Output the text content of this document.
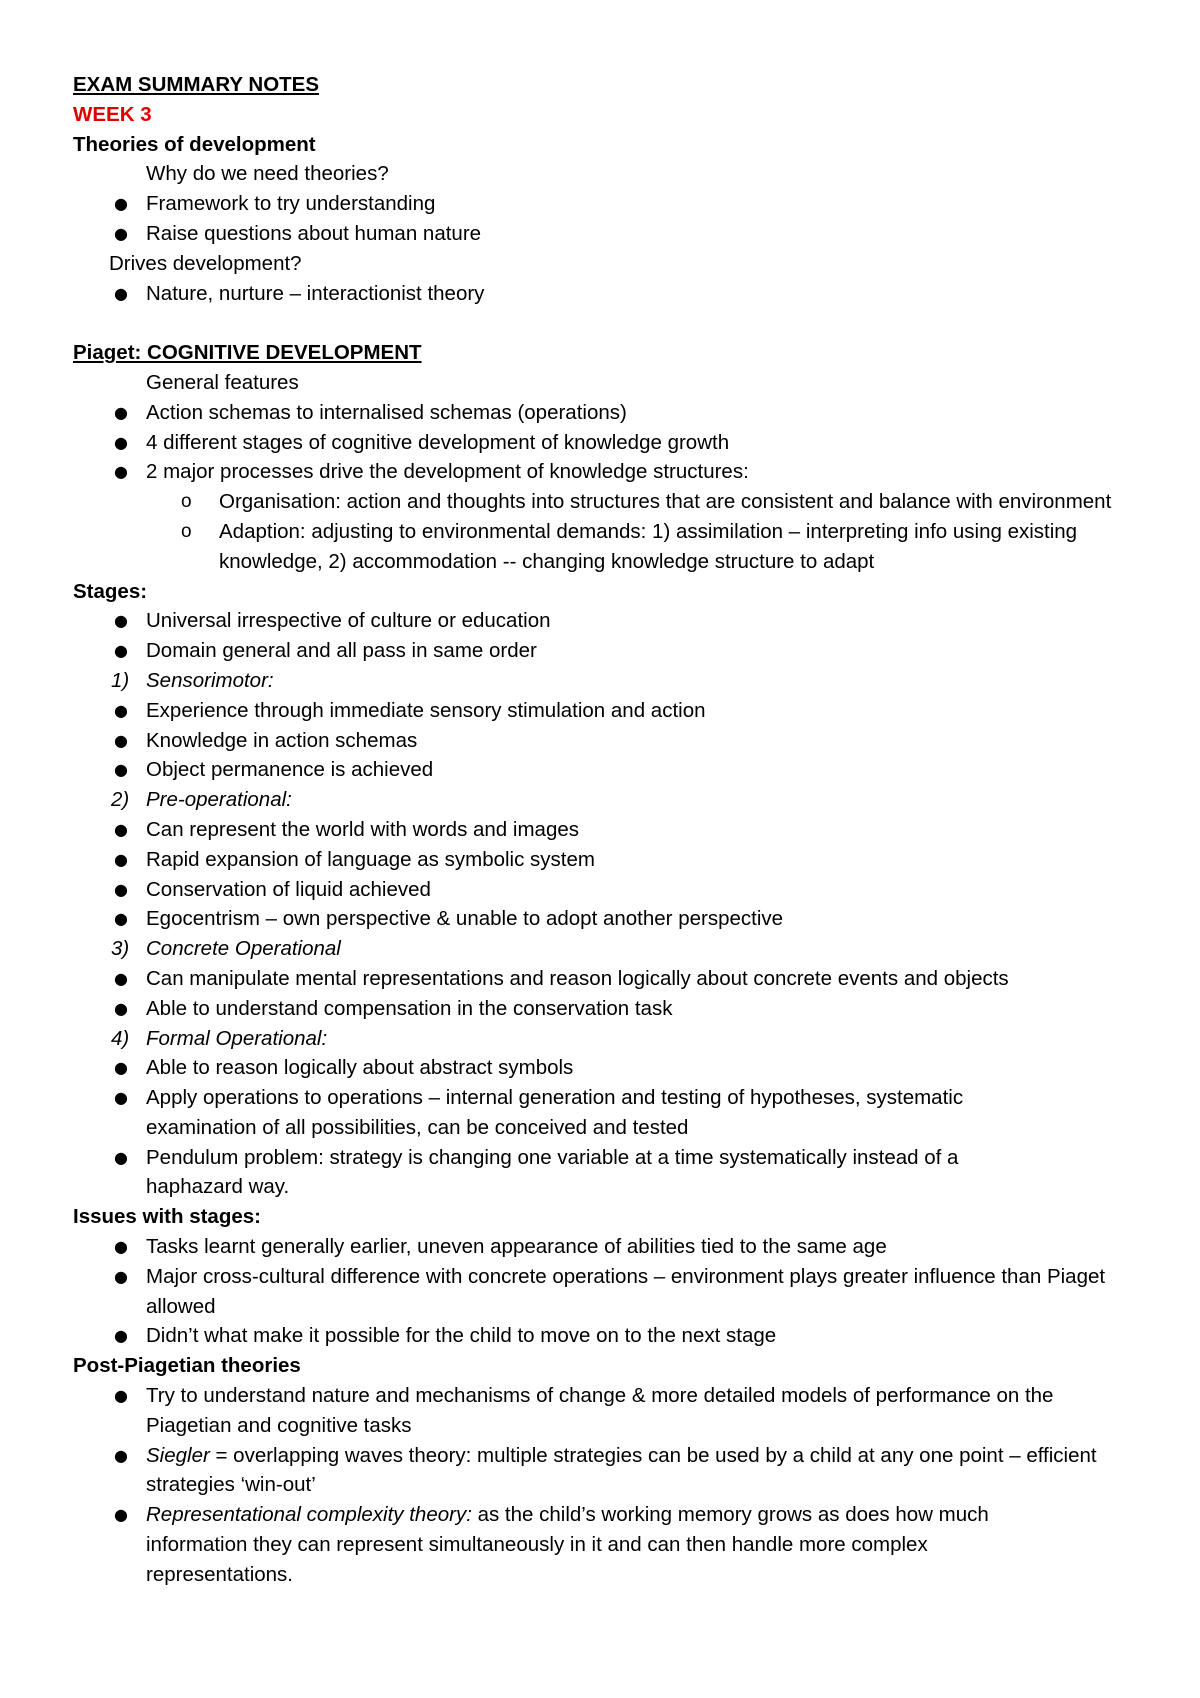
EXAM SUMMARY NOTES
WEEK 3
Theories of development
Why do we need theories?
● Framework to try understanding
● Raise questions about human nature
Drives development?
● Nature, nurture – interactionist theory
Piaget: COGNITIVE DEVELOPMENT
General features
● Action schemas to internalised schemas (operations)
● 4 different stages of cognitive development of knowledge growth
● 2 major processes drive the development of knowledge structures:
o Organisation: action and thoughts into structures that are consistent and balance with environment
o Adaption: adjusting to environmental demands: 1) assimilation – interpreting info using existing knowledge, 2) accommodation -- changing knowledge structure to adapt
Stages:
● Universal irrespective of culture or education
● Domain general and all pass in same order
1) Sensorimotor:
● Experience through immediate sensory stimulation and action
● Knowledge in action schemas
● Object permanence is achieved
2) Pre-operational:
● Can represent the world with words and images
● Rapid expansion of language as symbolic system
● Conservation of liquid achieved
● Egocentrism – own perspective & unable to adopt another perspective
3) Concrete Operational
● Can manipulate mental representations and reason logically about concrete events and objects
● Able to understand compensation in the conservation task
4) Formal Operational:
● Able to reason logically about abstract symbols
● Apply operations to operations – internal generation and testing of hypotheses, systematic examination of all possibilities, can be conceived and tested
● Pendulum problem: strategy is changing one variable at a time systematically instead of a haphazard way.
Issues with stages:
● Tasks learnt generally earlier, uneven appearance of abilities tied to the same age
● Major cross-cultural difference with concrete operations – environment plays greater influence than Piaget allowed
● Didn’t what make it possible for the child to move on to the next stage
Post-Piagetian theories
● Try to understand nature and mechanisms of change & more detailed models of performance on the Piagetian and cognitive tasks
● Siegler = overlapping waves theory: multiple strategies can be used by a child at any one point – efficient strategies ‘win-out’
● Representational complexity theory: as the child’s working memory grows as does how much information they can represent simultaneously in it and can then handle more complex representations.
